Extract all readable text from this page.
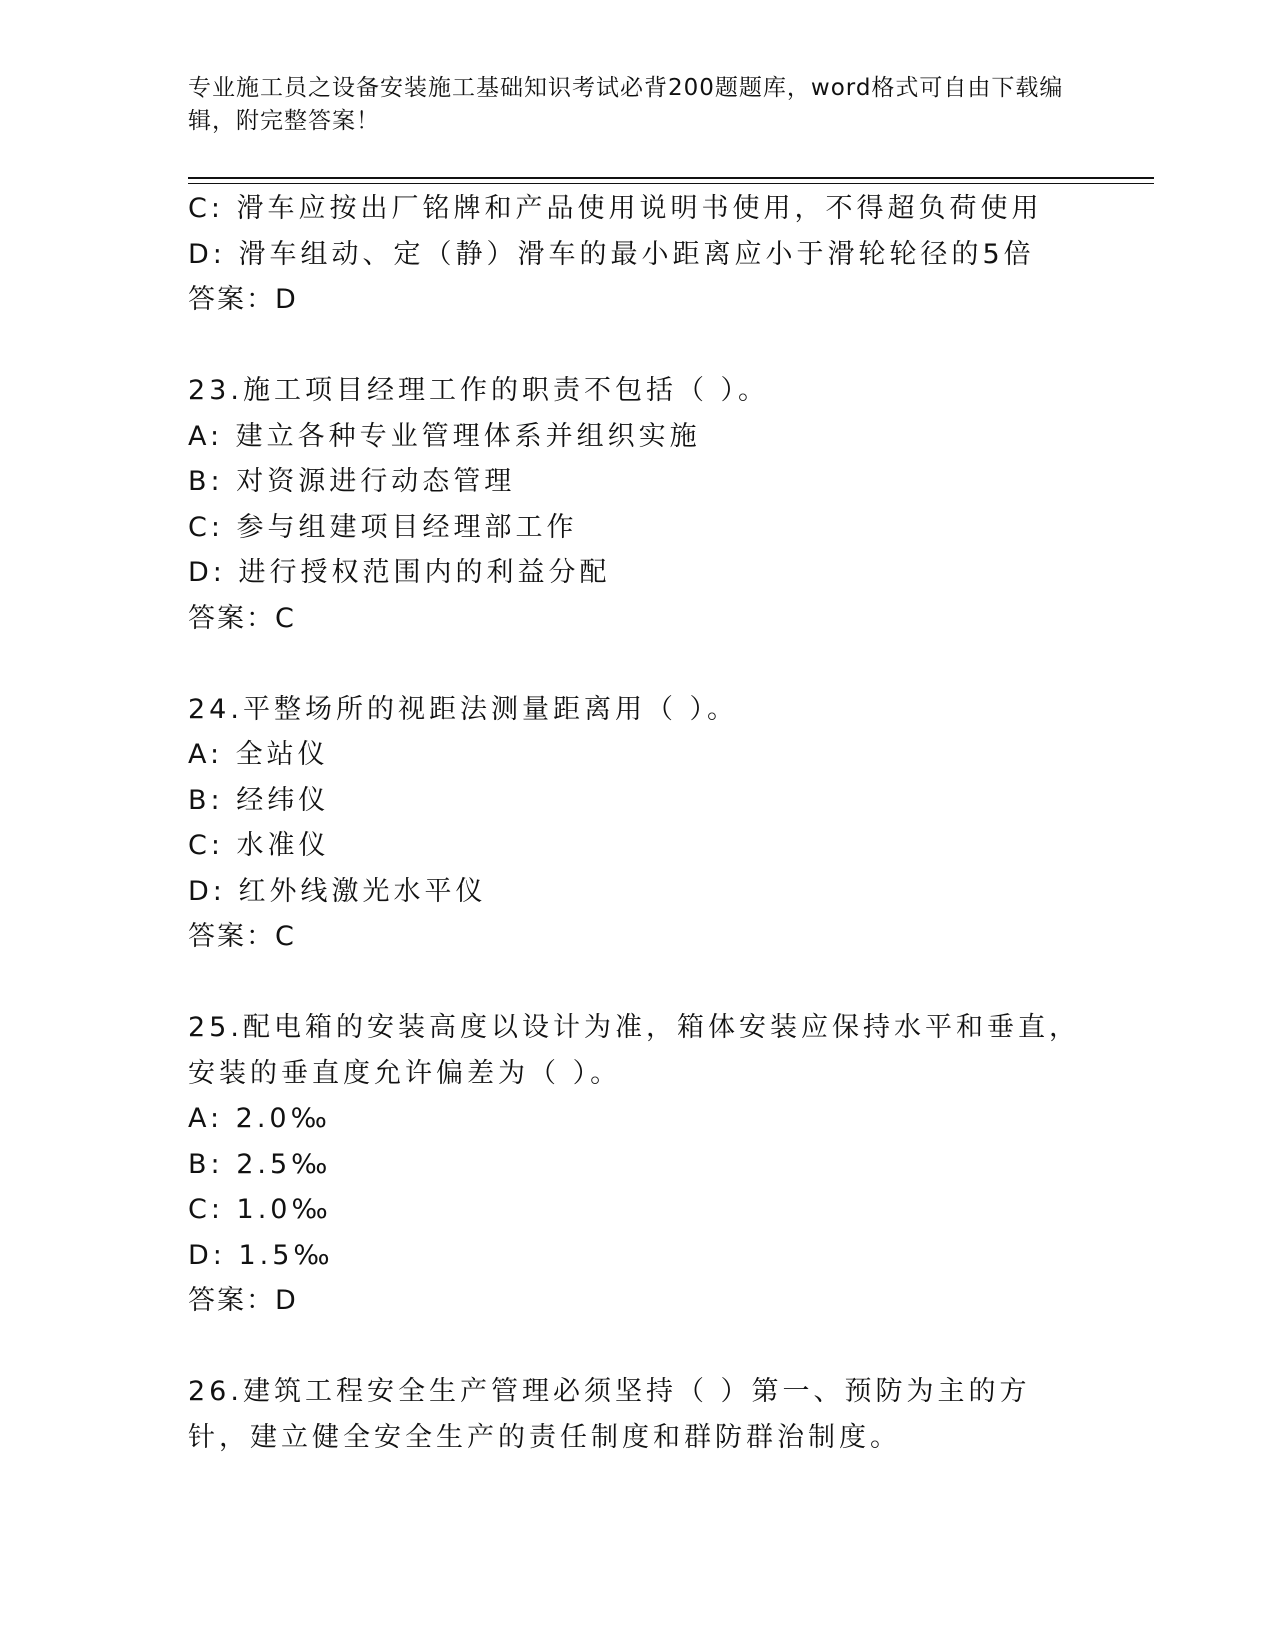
专业施工员之设备安装施工基础知识考试必背200题题库，word格式可自由下载编辑，附完整答案！
C: 滑车应按出厂铭牌和产品使用说明书使用，不得超负荷使用
D: 滑车组动、定（静）滑车的最小距离应小于滑轮轮径的5倍
答案：D
23.施工项目经理工作的职责不包括（ ）。
A: 建立各种专业管理体系并组织实施
B: 对资源进行动态管理
C: 参与组建项目经理部工作
D: 进行授权范围内的利益分配
答案：C
24.平整场所的视距法测量距离用（ ）。
A: 全站仪
B: 经纬仪
C: 水准仪
D: 红外线激光水平仪
答案：C
25.配电箱的安装高度以设计为准，箱体安装应保持水平和垂直，安装的垂直度允许偏差为（ ）。
A: 2.0‰
B: 2.5‰
C: 1.0‰
D: 1.5‰
答案：D
26.建筑工程安全生产管理必须坚持（ ）第一、预防为主的方针，建立健全安全生产的责任制度和群防群治制度。
